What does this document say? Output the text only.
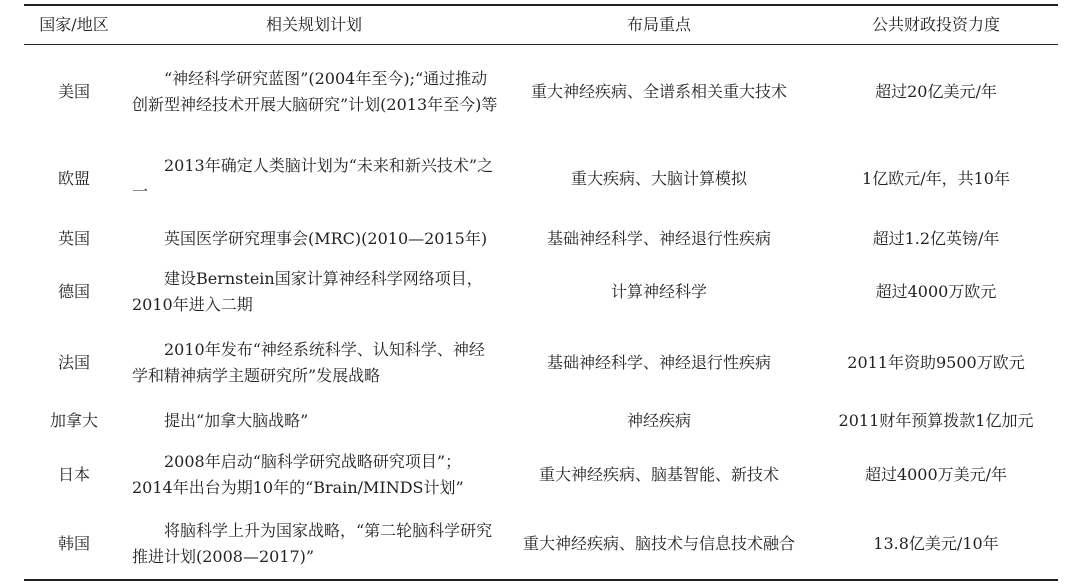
国家/地区	相关规划计划	布局重点	公共财政投资力度
美国	“神经科学研究蓝图”(2004年至今);“通过推动创新型神经技术开展大脑研究”计划(2013年至今)等	重大神经疾病、全谱系相关重大技术	超过20亿美元/年
欧盟	2013年确定人类脑计划为“未来和新兴技术”之一	重大疾病、大脑计算模拟	1亿欧元/年，共10年
英国	英国医学研究理事会(MRC)(2010—2015年)	基础神经科学、神经退行性疾病	超过1.2亿英镑/年
德国	建设Bernstein国家计算神经科学网络项目，2010年进入二期	计算神经科学	超过4000万欧元
法国	2010年发布“神经系统科学、认知科学、神经学和精神病学主题研究所”发展战略	基础神经科学、神经退行性疾病	2011年资助9500万欧元
加拿大	提出“加拿大脑战略”	神经疾病	2011财年预算拨款1亿加元
日本	2008年启动“脑科学研究战略研究项目”；2014年出台为期10年的“Brain/MINDS计划”	重大神经疾病、脑基智能、新技术	超过4000万美元/年
韩国	将脑科学上升为国家战略，“第二轮脑科学研究推进计划(2008—2017)”	重大神经疾病、脑技术与信息技术融合	13.8亿美元/10年
